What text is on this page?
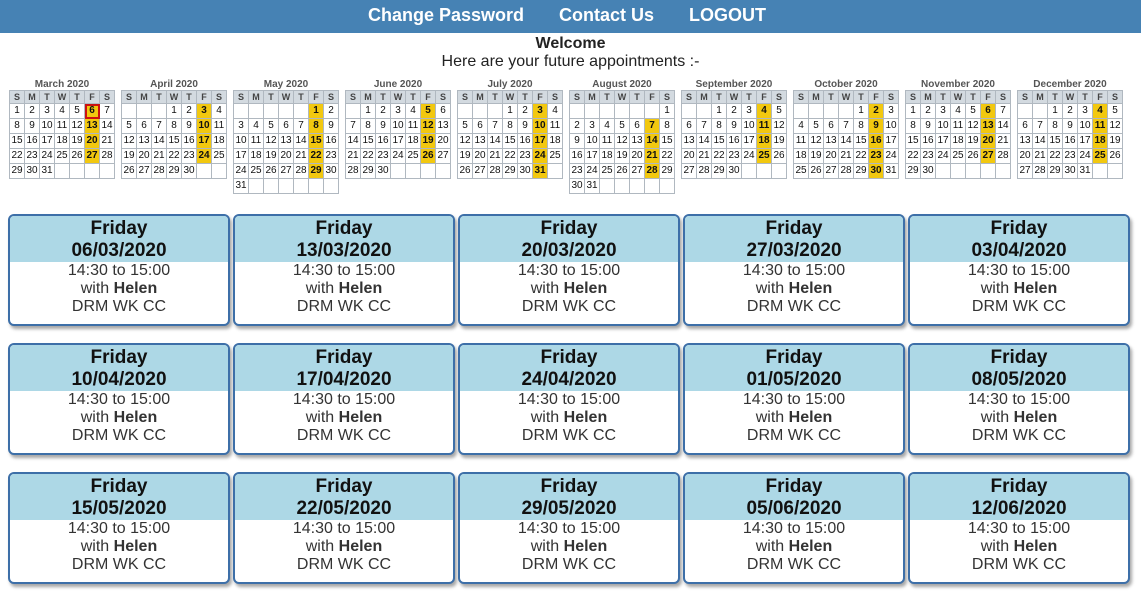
Change Password Contact Us LOGOUT
Welcome
Here are your future appointments :-
March 2020
S	M	T	W	T	F	S
1	2	3	4	5	6	7
8	9	10	11	12	13	14
15	16	17	18	19	20	21
22	23	24	25	26	27	28
29	30	31				
April 2020
S	M	T	W	T	F	S
			1	2	3	4
5	6	7	8	9	10	11
12	13	14	15	16	17	18
19	20	21	22	23	24	25
26	27	28	29	30		
May 2020
S	M	T	W	T	F	S
					1	2
3	4	5	6	7	8	9
10	11	12	13	14	15	16
17	18	19	20	21	22	23
24	25	26	27	28	29	30
31						
June 2020
S	M	T	W	T	F	S
	1	2	3	4	5	6
7	8	9	10	11	12	13
14	15	16	17	18	19	20
21	22	23	24	25	26	27
28	29	30				
July 2020
S	M	T	W	T	F	S
			1	2	3	4
5	6	7	8	9	10	11
12	13	14	15	16	17	18
19	20	21	22	23	24	25
26	27	28	29	30	31	
August 2020
S	M	T	W	T	F	S
						1
2	3	4	5	6	7	8
9	10	11	12	13	14	15
16	17	18	19	20	21	22
23	24	25	26	27	28	29
30	31					
September 2020
S	M	T	W	T	F	S
		1	2	3	4	5
6	7	8	9	10	11	12
13	14	15	16	17	18	19
20	21	22	23	24	25	26
27	28	29	30			
October 2020
S	M	T	W	T	F	S
				1	2	3
4	5	6	7	8	9	10
11	12	13	14	15	16	17
18	19	20	21	22	23	24
25	26	27	28	29	30	31
November 2020
S	M	T	W	T	F	S
1	2	3	4	5	6	7
8	9	10	11	12	13	14
15	16	17	18	19	20	21
22	23	24	25	26	27	28
29	30					
December 2020
S	M	T	W	T	F	S
		1	2	3	4	5
6	7	8	9	10	11	12
13	14	15	16	17	18	19
20	21	22	23	24	25	26
27	28	29	30	31		
Friday
06/03/2020
14:30 to 15:00
with Helen
DRM WK CC
Friday
13/03/2020
14:30 to 15:00
with Helen
DRM WK CC
Friday
20/03/2020
14:30 to 15:00
with Helen
DRM WK CC
Friday
27/03/2020
14:30 to 15:00
with Helen
DRM WK CC
Friday
03/04/2020
14:30 to 15:00
with Helen
DRM WK CC
Friday
10/04/2020
14:30 to 15:00
with Helen
DRM WK CC
Friday
17/04/2020
14:30 to 15:00
with Helen
DRM WK CC
Friday
24/04/2020
14:30 to 15:00
with Helen
DRM WK CC
Friday
01/05/2020
14:30 to 15:00
with Helen
DRM WK CC
Friday
08/05/2020
14:30 to 15:00
with Helen
DRM WK CC
Friday
15/05/2020
14:30 to 15:00
with Helen
DRM WK CC
Friday
22/05/2020
14:30 to 15:00
with Helen
DRM WK CC
Friday
29/05/2020
14:30 to 15:00
with Helen
DRM WK CC
Friday
05/06/2020
14:30 to 15:00
with Helen
DRM WK CC
Friday
12/06/2020
14:30 to 15:00
with Helen
DRM WK CC
